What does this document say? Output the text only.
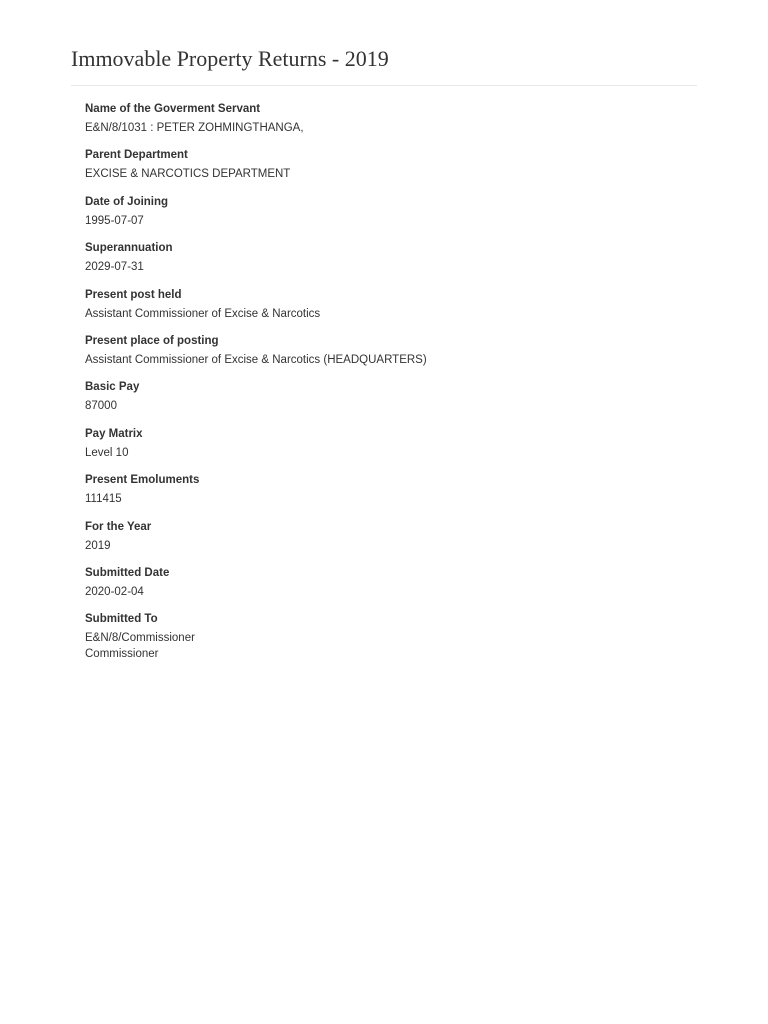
Immovable Property Returns - 2019
Name of the Goverment Servant
E&N/8/1031 : PETER ZOHMINGTHANGA,
Parent Department
EXCISE & NARCOTICS DEPARTMENT
Date of Joining
1995-07-07
Superannuation
2029-07-31
Present post held
Assistant Commissioner of Excise & Narcotics
Present place of posting
Assistant Commissioner of Excise & Narcotics (HEADQUARTERS)
Basic Pay
87000
Pay Matrix
Level 10
Present Emoluments
111415
For the Year
2019
Submitted Date
2020-02-04
Submitted To
E&N/8/Commissioner
Commissioner
